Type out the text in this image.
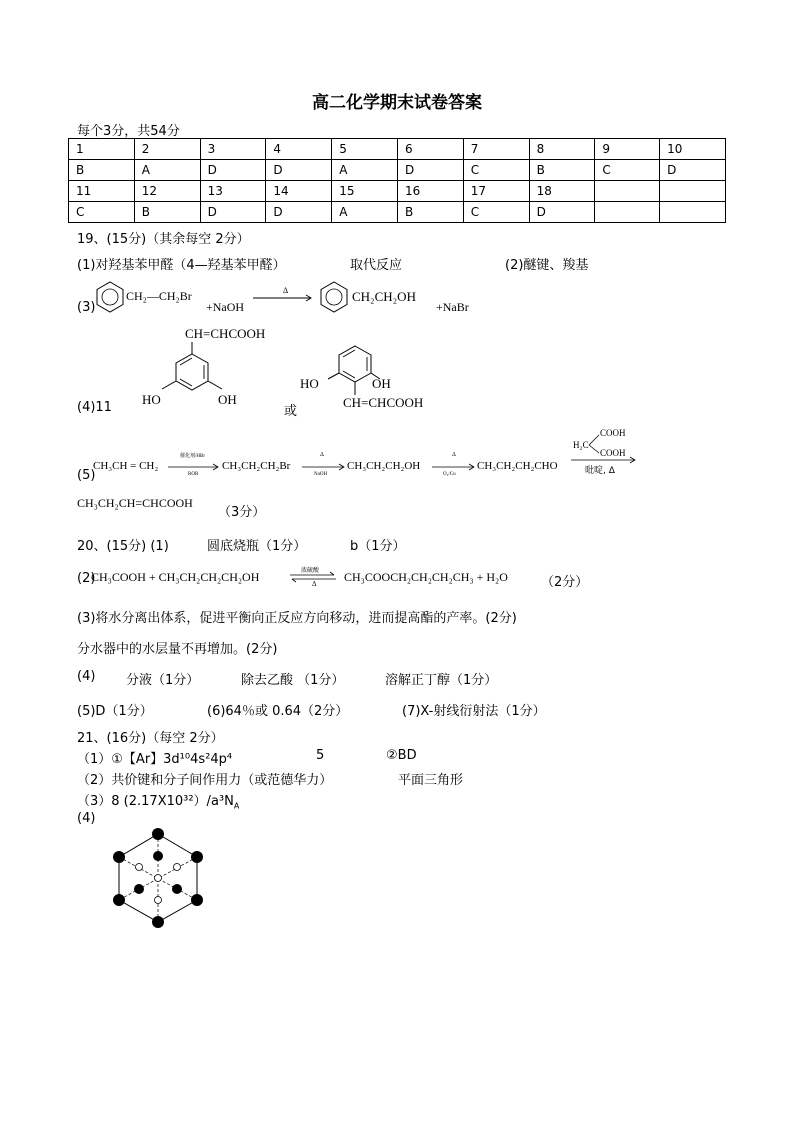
高二化学期末试卷答案
每个3分，共54分
1	2	3	4	5	6	7	8	9	10
B	A	D	D	A	D	C	B	C	D
11	12	13	14	15	16	17	18		
C	B	D	D	A	B	C	D		
19、(15分)（其余每空 2分）
(1)对羟基苯甲醛（4—羟基苯甲醛）	取代反应	(2)醚键、羧基
(3)
CH₂—CH₂Br
+NaOH
Δ	CH₂CH₂OH
+NaBr
CH=CHCOOH
(4)11
HO	OH
或
HO	OH
CH=CHCOOH
(5)
CH₃CH = CH₂
催化剂/HBr
ROR
CH₃CH₂CH₂Br
Δ
NaOH
CH₃CH₂CH₂OH
Δ
O₂/Cu
CH₃CH₂CH₂CHO
COOH
H₂C
COOH
吡啶, Δ
CH₃CH₂CH=CHCOOH
（3分）
20、(15分) (1)	圆底烧瓶（1分）	b（1分）
(2)
CH₃COOH + CH₃CH₂CH₂CH₂OH	浓硫酸
Δ ⇌ CH₃COOCH₂CH₂CH₂CH₃ + H₂O	（2分）
(3)将水分离出体系，促进平衡向正反应方向移动，进而提高酯的产率。(2分)
分水器中的水层量不再增加。(2分)
(4) 分液（1分）	除去乙酸 （1分）	溶解正丁醇（1分）
(5)D（1分）	(6)64％或 0.64（2分）	(7)X-射线衍射法（1分）
21、(16分)（每空 2分）
（1）①【Ar】3d¹⁰4s²4p⁴	5	②BD
（2）共价键和分子间作用力（或范德华力）	平面三角形
（3）8 $(2.17X10^{32})/a^3N_A$
(4)
